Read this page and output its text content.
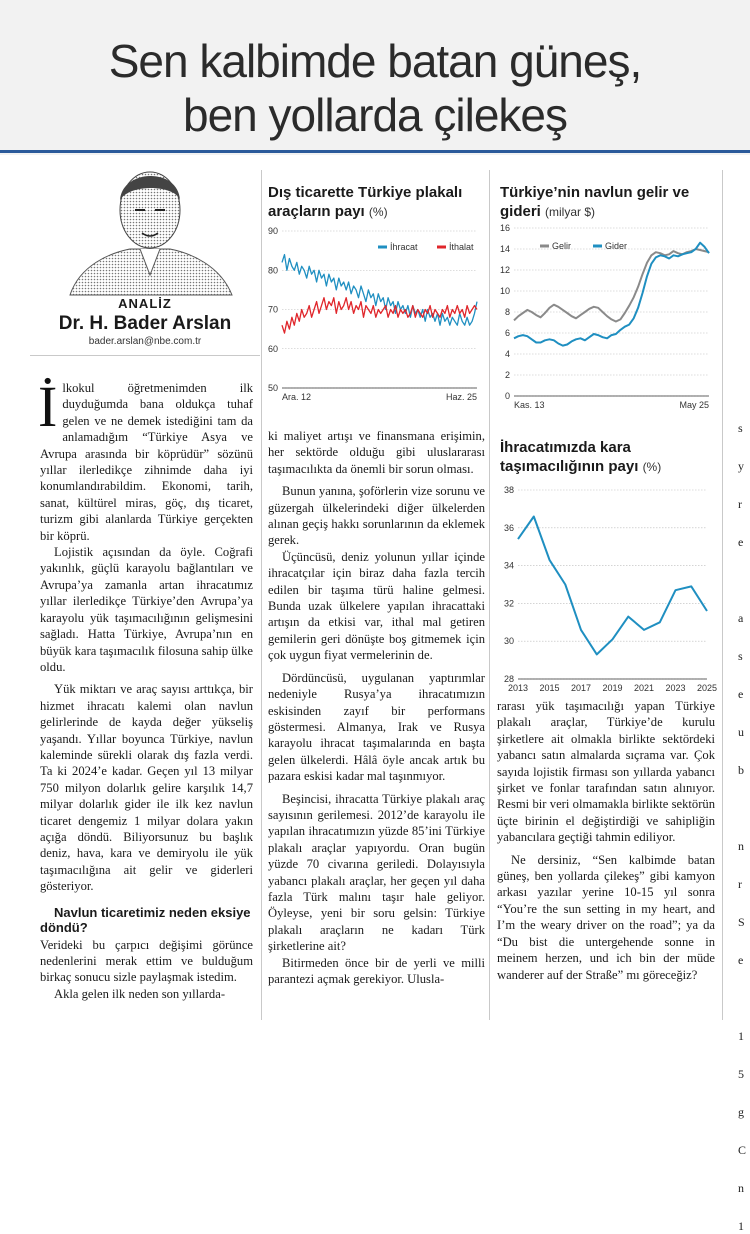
Sen kalbimde batan güneş,
ben yollarda çilekeş
ANALİZ
Dr. H. Bader Arslan
bader.arslan@nbe.com.tr

İlkokul öğretmenimden ilk duyduğumda bana oldukça tuhaf gelen ve ne demek istediğini tam da anlamadığım “Türkiye Asya ve Avrupa arasında bir köprüdür” sözünü yıllar ilerledikçe zihnimde daha iyi konumlandırabildim. Ekonomi, tarih, sanat, kültürel miras, göç, dış ticaret, turizm gibi alanlarda Türkiye gerçekten bir köprü.

Lojistik açısından da öyle. Coğrafi yakınlık, güçlü karayolu bağlantıları ve Avrupa’ya zamanla artan ihracatımız yıllar ilerledikçe Türkiye’den Avrupa’ya karayolu yük taşımacılığının gelişmesini sağladı. Hatta Türkiye, Avrupa’nın en büyük kara taşımacılık filosuna sahip ülke oldu.

Yük miktarı ve araç sayısı arttıkça, bir hizmet ihracatı kalemi olan navlun gelirlerinde de kayda değer yükseliş yaşandı. Yıllar boyunca Türkiye, navlun kaleminde sürekli olarak dış fazla verdi. Ta ki 2024’e kadar. Geçen yıl 13 milyar 750 milyon dolarlık gelire karşılık 14,7 milyar dolarlık gider ile ilk kez navlun ticaret dengemiz 1 milyar dolara yakın açığa döndü. Biliyorsunuz bu başlık deniz, hava, kara ve demiryolu ile yük taşımacılığına ait gelir ve giderleri gösteriyor.

Navlun ticaretimiz neden eksiye döndü?

Verideki bu çarpıcı değişimi görünce nedenlerini merak ettim ve bulduğum birkaç sonucu sizle paylaşmak istedim.

Akla gelen ilk neden son yıllarda-

Dış ticarette Türkiye plakalı araçların payı (%)
50
60
70
80
90
Ara. 12	Haz. 25
İhracat	İthalat

ki maliyet artışı ve finansmana erişimin, her sektörde olduğu gibi uluslararası taşımacılıkta da önemli bir sorun olması.

Bunun yanına, şoförlerin vize sorunu ve güzergah ülkelerindeki diğer ülkelerden alınan geçiş hakkı sorunlarının da eklemek gerek.

Üçüncüsü, deniz yolunun yıllar içinde ihracatçılar için biraz daha fazla tercih edilen bir taşıma türü haline gelmesi. Bunda uzak ülkelere yapılan ihracattaki artışın da etkisi var, ithal mal getiren gemilerin geri dönüşte boş gitmemek için çok uygun fiyat vermelerinin de.

Dördüncüsü, uygulanan yaptırımlar nedeniyle Rusya’ya ihracatımızın eskisinden zayıf bir performans göstermesi. Almanya, Irak ve Rusya karayolu ihracat taşımalarında en başta gelen ülkelerdi. Hâlâ öyle ancak artık bu pazara eskisi kadar mal taşınmıyor.

Beşincisi, ihracatta Türkiye plakalı araç sayısının gerilemesi. 2012’de karayolu ile yapılan ihracatımızın yüzde 85’ini Türkiye plakalı araçlar yapıyordu. Oran bugün yüzde 70 civarına geriledi. Dolayısıyla yabancı plakalı araçlar, her geçen yıl daha fazla Türk malını taşır hale geliyor. Öyleyse, yeni bir soru gelsin: Türkiye plakalı araçların ne kadarı Türk şirketlerine ait?

Bitirmeden önce bir de yerli ve milli parantezi açmak gerekiyor. Ulusla-

Türkiye’nin navlun gelir ve gideri (milyar $)
0
2
4
6
8
10
12
14
16
Kas. 13	May 25
Gelir	Gider
İhracatımızda kara taşımacılığının payı (%)
28
30
32
34
36
38
2013 2015 2017 2019 2021 2023 2025

rarası yük taşımacılığı yapan Türkiye plakalı araçlar, Türkiye’de kurulu şirketlere ait olmakla birlikte sektördeki yabancı satın almalarda sıçrama var. Çok sayıda lojistik firması son yıllarda yabancı şirket ve fonlar tarafından satın alınıyor. Resmi bir veri olmamakla birlikte sektörün üçte birinin el değiştirdiği ve sahipliğin yabancılara geçtiği tahmin ediliyor.

Ne dersiniz, “Sen kalbimde batan güneş, ben yollarda çilekeş” gibi kamyon arkası yazılar yerine 10-15 yıl sonra “You’re the sun setting in my heart, and I’m the weary driver on the road”; ya da “Du bist die untergehende sonne in meinem herzen, und ich bin der müde wanderer auf der Straße” mı göreceğiz?

s
y
r
e
a
s
e
u
b
n
r
S
e
1
5
g
C
n
1
